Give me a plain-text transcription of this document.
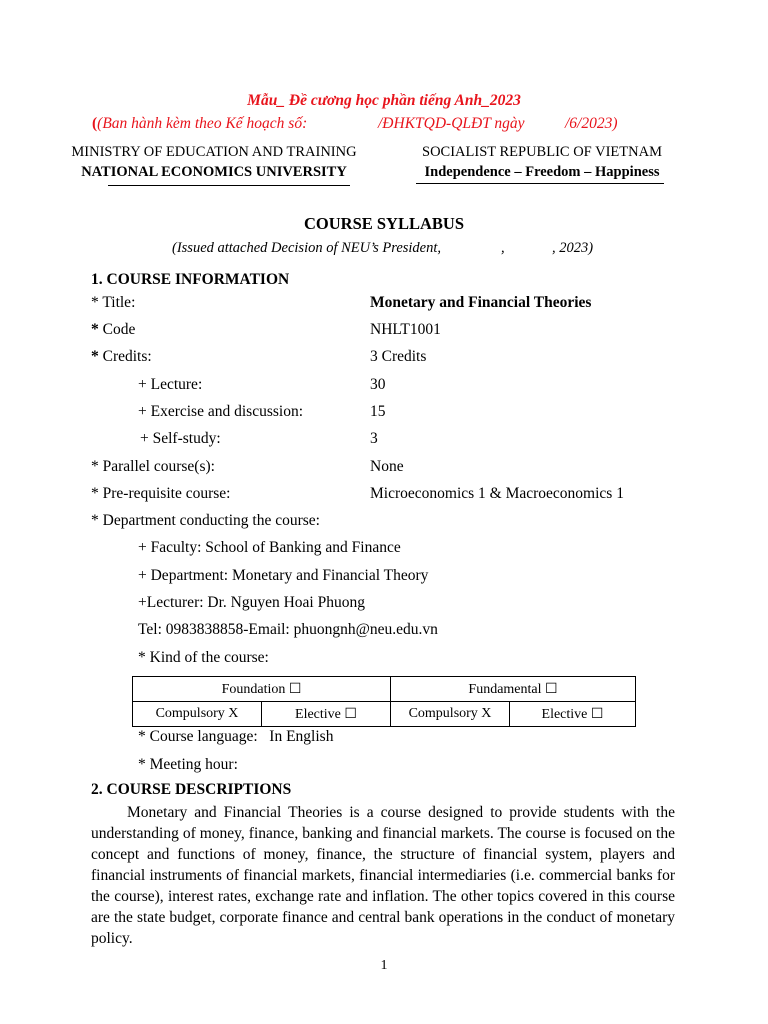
Mẫu_ Đề cương học phần tiếng Anh_2023
((Ban hành kèm theo Kế hoạch số:	/ĐHKTQD-QLĐT ngày	/6/2023)
MINISTRY OF EDUCATION AND TRAINING
NATIONAL ECONOMICS UNIVERSITY
SOCIALIST REPUBLIC OF VIETNAM
Independence – Freedom – Happiness
COURSE SYLLABUS
(Issued attached Decision of NEU’s President,	,	, 2023)
1. COURSE INFORMATION
* Title:	Monetary and Financial Theories
* Code	NHLT1001
* Credits:	3 Credits
+ Lecture:	30
+ Exercise and discussion:	15
+ Self-study:	3
* Parallel course(s):	None
* Pre-requisite course:	Microeconomics 1 & Macroeconomics 1
* Department conducting the course:
+ Faculty: School of Banking and Finance
+ Department: Monetary and Financial Theory
+Lecturer: Dr. Nguyen Hoai Phuong
Tel: 0983838858-Email: phuongnh@neu.edu.vn
* Kind of the course:
Foundation ☐		Fundamental ☐	
Compulsory X	Elective ☐	Compulsory X	Elective ☐
* Course language:   In English
* Meeting hour:
2. COURSE DESCRIPTIONS
Monetary and Financial Theories is a course designed to provide students with the understanding of money, finance, banking and financial markets. The course is focused on the concept and functions of money, finance, the structure of financial system, players and financial instruments of financial markets, financial intermediaries (i.e. commercial banks for the course), interest rates, exchange rate and inflation. The other topics covered in this course are the state budget, corporate finance and central bank operations in the conduct of monetary policy.
1
